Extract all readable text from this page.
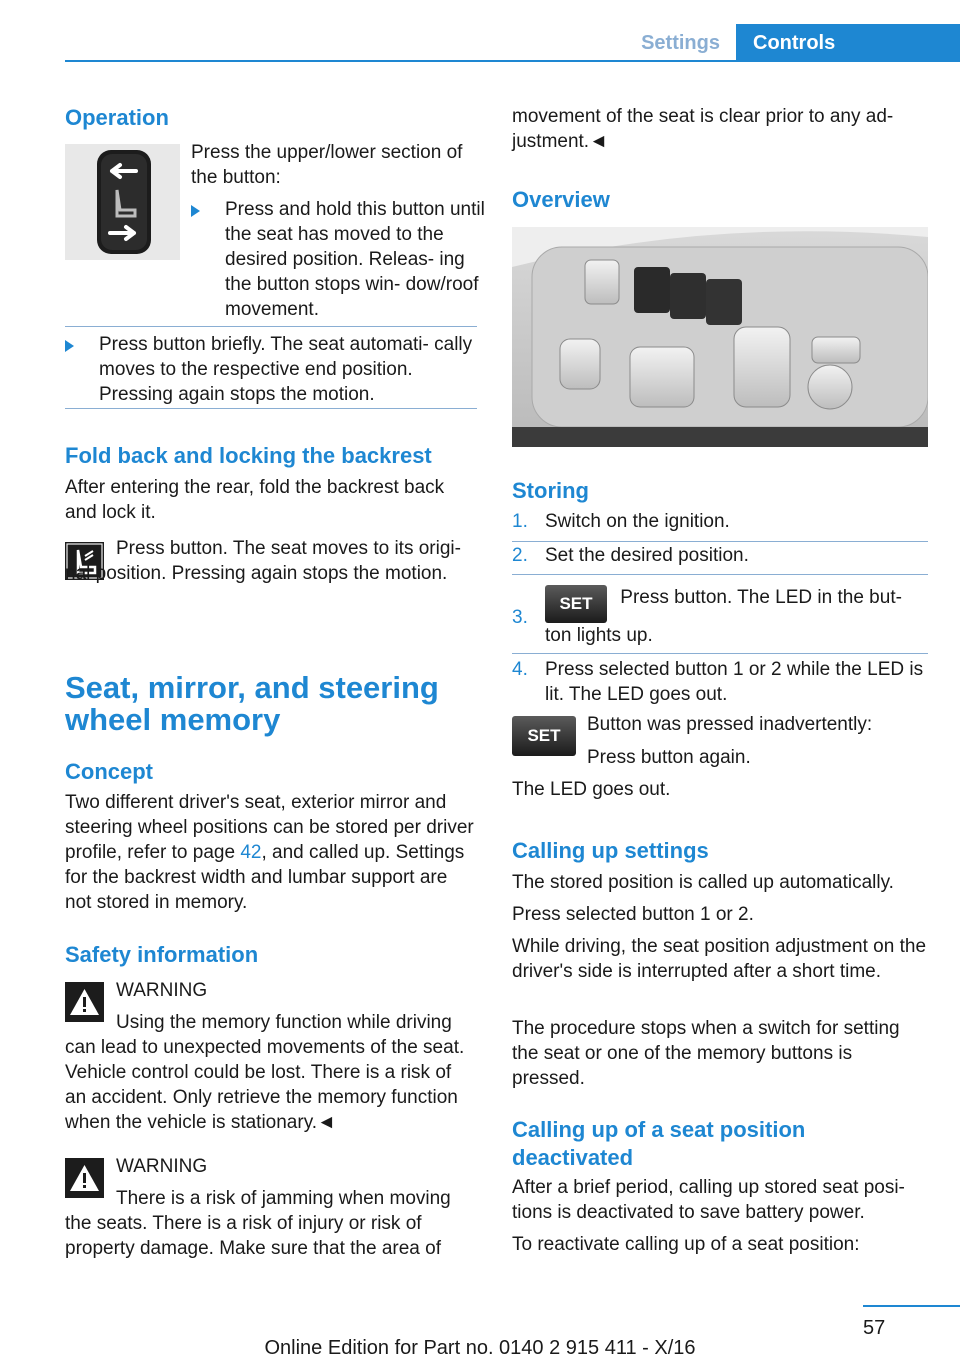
Settings	Controls
Operation

Press the upper/lower section of the button:

Press and hold this button until the seat has moved to the desired position. Releas- ing the button stops win- dow/roof movement.
Press button briefly. The seat automati- cally moves to the respective end position. Pressing again stops the motion.
Fold back and locking the backrest

After entering the rear, fold the backrest back and lock it.

Press button. The seat moves to its origi- nal position. Pressing again stops the motion.

Seat, mirror, and steering wheel memory
Concept

Two different driver's seat, exterior mirror and steering wheel positions can be stored per driver profile, refer to page 42, and called up. Settings for the backrest width and lumbar support are not stored in memory.

Safety information

WARNING

Using the memory function while driving can lead to unexpected movements of the seat. Vehicle control could be lost. There is a risk of an accident. Only retrieve the memory function when the vehicle is stationary.◄

WARNING

There is a risk of jamming when moving the seats. There is a risk of injury or risk of property damage. Make sure that the area of

movement of the seat is clear prior to any ad- justment.◄

Overview
Storing
1. Switch on the ignition.
2. Set the desired position.
3.
SET Press button. The LED in the but- ton lights up.
4. Press selected button 1 or 2 while the LED is lit. The LED goes out.
SET

Button was pressed inadvertently:

Press button again.

The LED goes out.

Calling up settings

The stored position is called up automatically.

Press selected button 1 or 2.

While driving, the seat position adjustment on the driver's side is interrupted after a short time.

The procedure stops when a switch for setting the seat or one of the memory buttons is pressed.

Calling up of a seat position deactivated

After a brief period, calling up stored seat posi- tions is deactivated to save battery power.

To reactivate calling up of a seat position:

57
Online Edition for Part no. 0140 2 915 411 - X/16
